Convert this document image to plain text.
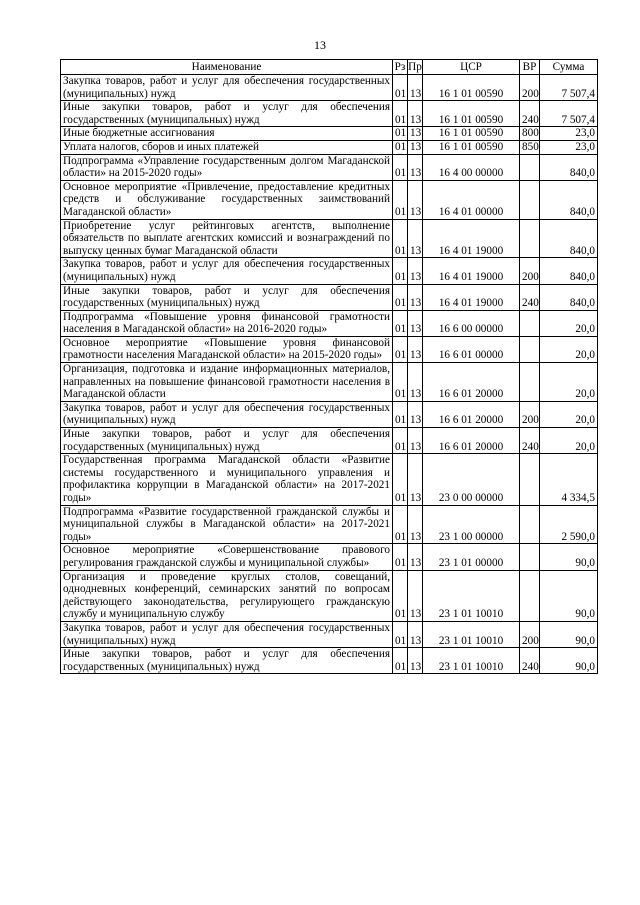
13
Наименование	Рз	Пр	ЦСР	ВР	Сумма
Закупка товаров, работ и услуг для обеспечения государственных (муниципальных) нужд	01	13	16 1 01 00590	200	7 507,4
Иные закупки товаров, работ и услуг для обеспечения государственных (муниципальных) нужд	01	13	16 1 01 00590	240	7 507,4
Иные бюджетные ассигнования	01	13	16 1 01 00590	800	23,0
Уплата налогов, сборов и иных платежей	01	13	16 1 01 00590	850	23,0
Подпрограмма «Управление государственным долгом Магаданской области» на 2015-2020 годы»	01	13	16 4 00 00000		840,0
Основное мероприятие «Привлечение, предоставление кредитных средств и обслуживание государственных заимствований Магаданской области»	01	13	16 4 01 00000		840,0
Приобретение услуг рейтинговых агентств, выполнение обязательств по выплате агентских комиссий и вознаграждений по выпуску ценных бумаг Магаданской области	01	13	16 4 01 19000		840,0
Закупка товаров, работ и услуг для обеспечения государственных (муниципальных) нужд	01	13	16 4 01 19000	200	840,0
Иные закупки товаров, работ и услуг для обеспечения государственных (муниципальных) нужд	01	13	16 4 01 19000	240	840,0
Подпрограмма «Повышение уровня финансовой грамотности населения в Магаданской области» на 2016-2020 годы»	01	13	16 6 00 00000		20,0
Основное мероприятие «Повышение уровня финансовой грамотности населения Магаданской области» на 2015-2020 годы»	01	13	16 6 01 00000		20,0
Организация, подготовка и издание информационных материалов, направленных на повышение финансовой грамотности населения в Магаданской области	01	13	16 6 01 20000		20,0
Закупка товаров, работ и услуг для обеспечения государственных (муниципальных) нужд	01	13	16 6 01 20000	200	20,0
Иные закупки товаров, работ и услуг для обеспечения государственных (муниципальных) нужд	01	13	16 6 01 20000	240	20,0
Государственная программа Магаданской области «Развитие системы государственного и муниципального управления и профилактика коррупции в Магаданской области» на 2017-2021 годы»	01	13	23 0 00 00000		4 334,5
Подпрограмма «Развитие государственной гражданской службы и муниципальной службы в Магаданской области» на 2017-2021 годы»	01	13	23 1 00 00000		2 590,0
Основное мероприятие «Совершенствование правового регулирования гражданской службы и муниципальной службы»	01	13	23 1 01 00000		90,0
Организация и проведение круглых столов, совещаний, однодневных конференций, семинарских занятий по вопросам действующего законодательства, регулирующего гражданскую службу и муниципальную службу	01	13	23 1 01 10010		90,0
Закупка товаров, работ и услуг для обеспечения государственных (муниципальных) нужд	01	13	23 1 01 10010	200	90,0
Иные закупки товаров, работ и услуг для обеспечения государственных (муниципальных) нужд	01	13	23 1 01 10010	240	90,0
